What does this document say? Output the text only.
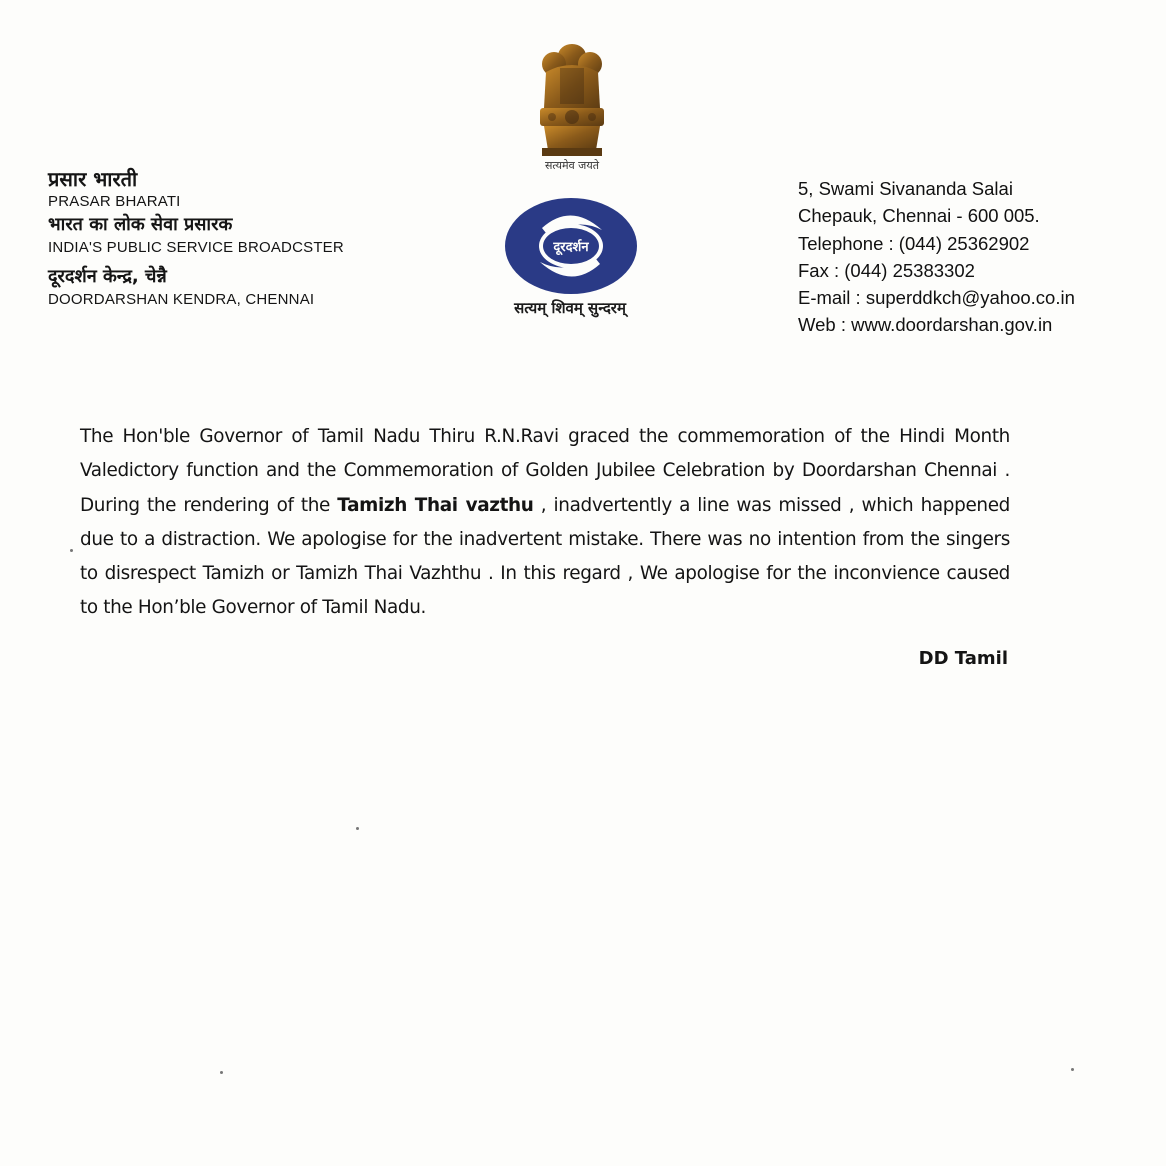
प्रसार भारती

PRASAR BHARATI

भारत का लोक सेवा प्रसारक

INDIA'S PUBLIC SERVICE BROADCSTER

दूरदर्शन केन्द्र, चेन्नै

DOORDARSHAN KENDRA, CHENNAI

सत्यमेव जयते
दूरदर्शन
सत्यम् शिवम् सुन्दरम्

5, Swami Sivananda Salai

Chepauk, Chennai - 600 005.

Telephone : (044) 25362902

Fax : (044) 25383302

E-mail : superddkch@yahoo.co.in

Web : www.doordarshan.gov.in

The Hon'ble Governor of Tamil Nadu Thiru R.N.Ravi graced the commemoration of the Hindi Month Valedictory function and the Commemoration of Golden Jubilee Celebration by Doordarshan Chennai . During the rendering of the Tamizh Thai vazthu , inadvertently a line was missed , which happened due to a distraction. We apologise for the inadvertent mistake. There was no intention from the singers to disrespect Tamizh or Tamizh Thai Vazhthu . In this regard , We apologise for the inconvience caused to the Hon’ble Governor of Tamil Nadu.
DD Tamil
